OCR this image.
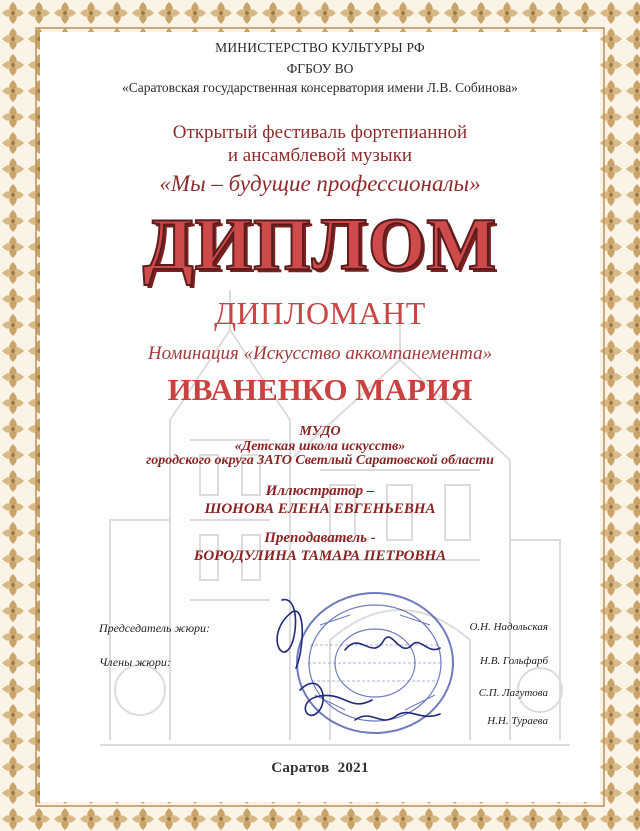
МИНИСТЕРСТВО КУЛЬТУРЫ РФ
ФГБОУ ВО
«Саратовская государственная консерватория имени Л.В. Собинова»
Открытый фестиваль фортепианной
и ансамблевой музыки
«Мы – будущие профессионалы»
ДИПЛОМ
ДИПЛОМАНТ
Номинация «Искусство аккомпанемента»
ИВАНЕНКО МАРИЯ
МУДО
«Детская школа искусств»
городского округа ЗАТО Светлый Саратовской области
Иллюстратор –
ШОНОВА ЕЛЕНА ЕВГЕНЬЕВНА
Преподаватель -
БОРОДУЛИНА ТАМАРА ПЕТРОВНА
Председатель жюри:
Члены жюри:
О.Н. Надольская
Н.В. Гольфарб
С.П. Лагутова
Н.Н. Тураева
Саратов  2021
